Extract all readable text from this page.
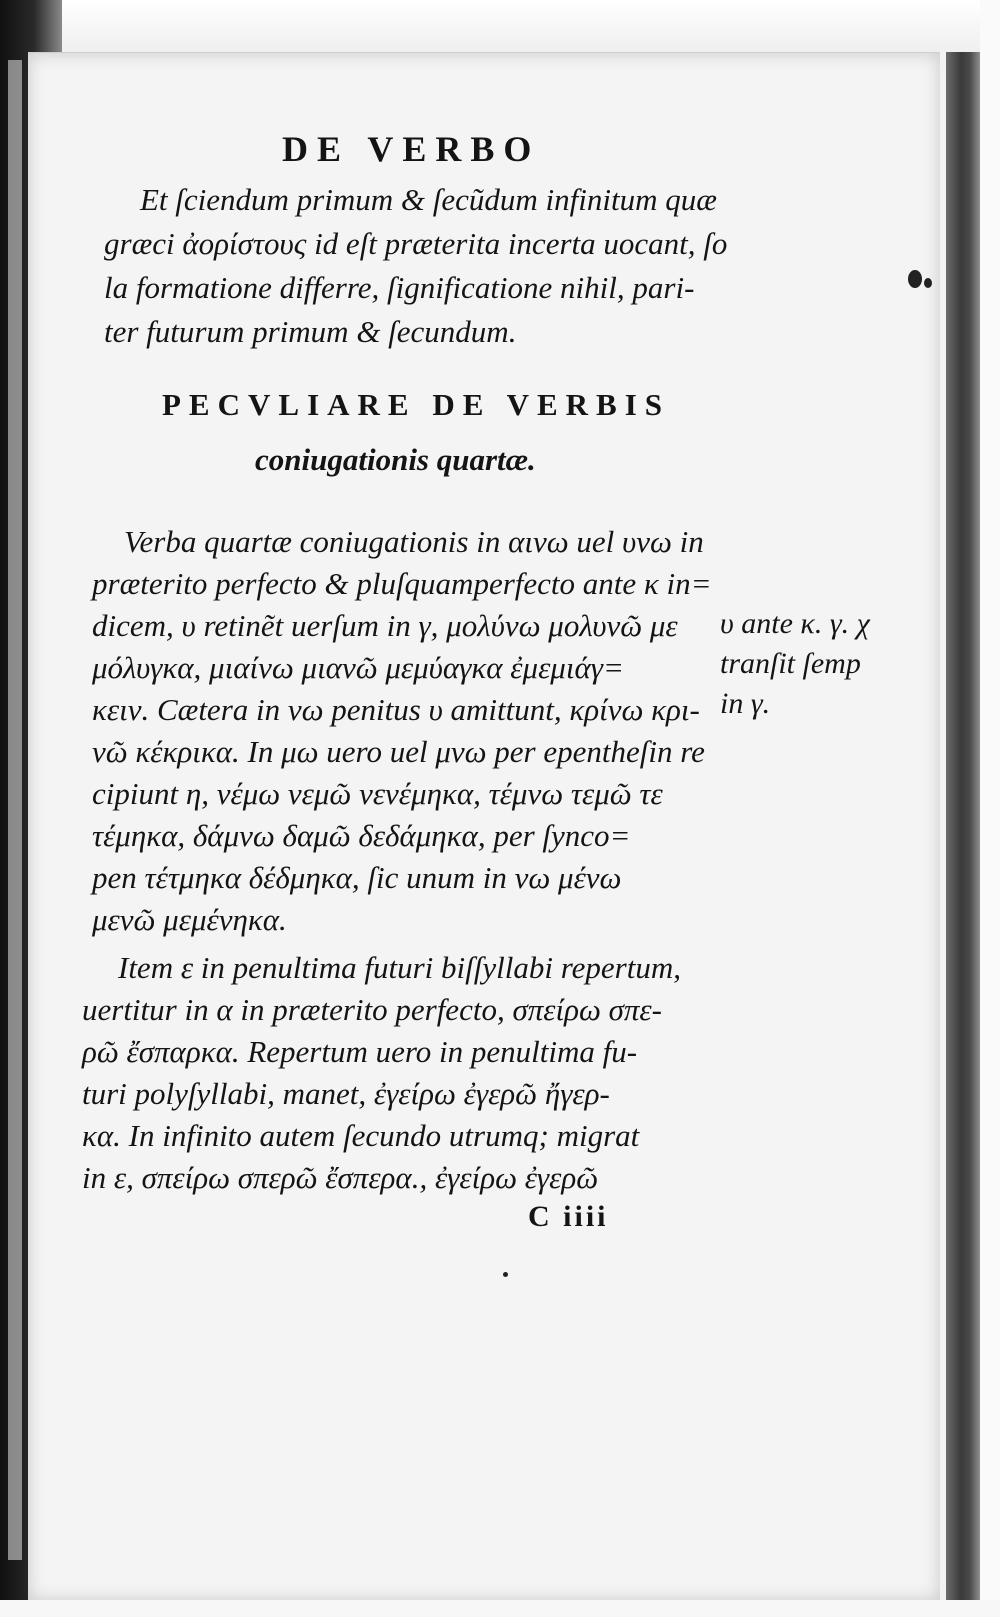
DE VERBO

Et ſciendum primum & ſecũdum infinitum quæ

græci ἀορίστους id eſt præterita incerta uocant, ſo

la formatione differre, ſignificatione nihil, pari-

ter futurum primum & ſecundum.

PECVLIARE DE VERBIS

coniugationis quartæ.

Verba quartæ coniugationis in αινω uel υνω in

præterito perfecto & pluſquamperfecto ante κ in=

dicem, υ retinẽt uerſum in γ, μολύνω μολυνῶ με

μόλυγκα, μιαίνω μιανῶ μεμύαγκα ἐμεμιάγ=

κειν. Cætera in νω penitus υ amittunt, κρίνω κρι-

νῶ κέκρικα. In μω uero uel μνω per epentheſin re

cipiunt η, νέμω νεμῶ νενέμηκα, τέμνω τεμῶ τε

τέμηκα, δάμνω δαμῶ δεδάμηκα, per ſynco=

pen τέτμηκα δέδμηκα, ſic unum in νω μένω

μενῶ μεμένηκα.

υ ante κ. γ. χ

tranſit ſemp

in γ.

Item ε in penultima futuri biſſyllabi repertum,

uertitur in α in præterito perfecto, σπείρω σπε-

ρῶ ἔσπαρκα. Repertum uero in penultima fu-

turi polyſyllabi, manet, ἐγείρω ἐγερῶ ἤγερ-

κα. In infinito autem ſecundo utrumq; migrat

in ε, σπείρω σπερῶ ἔσπερα., ἐγείρω ἐγερῶ

C iiii
